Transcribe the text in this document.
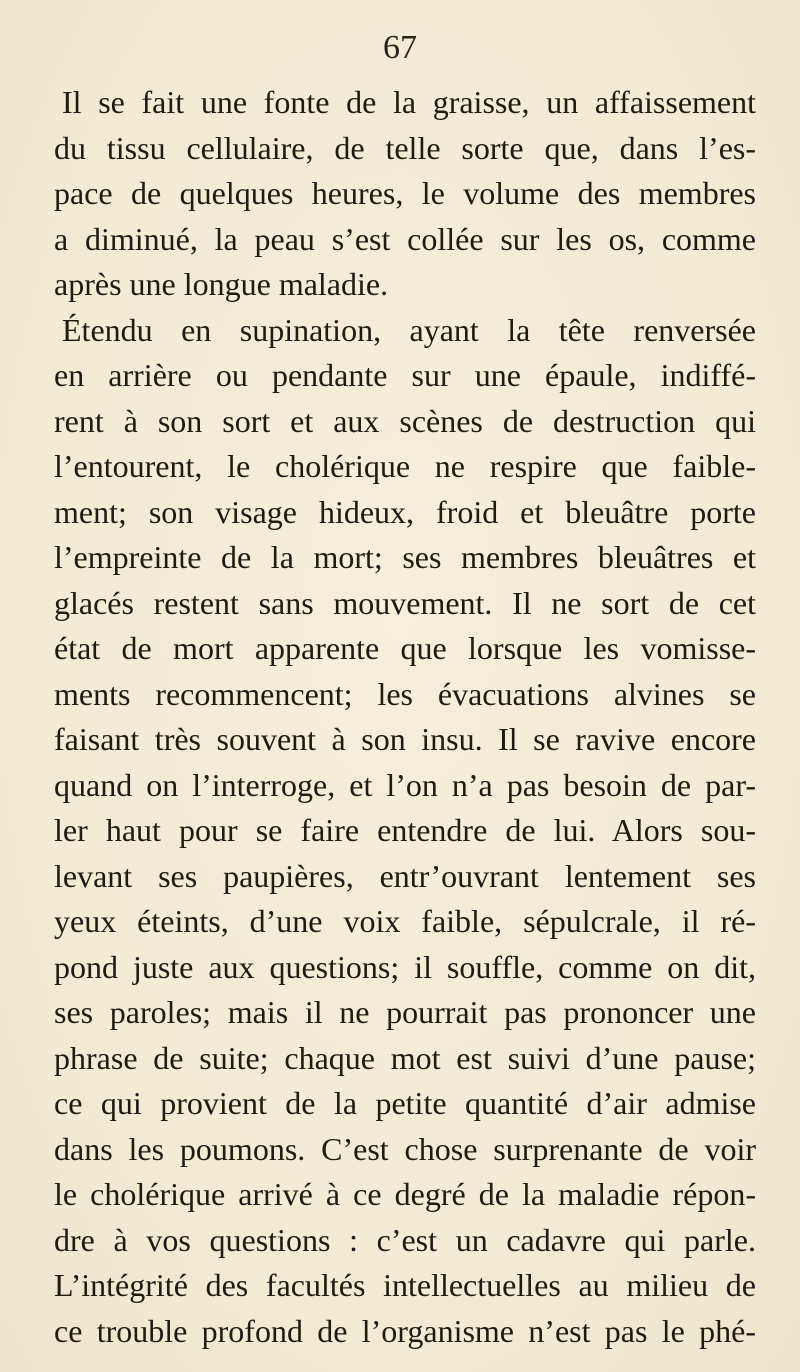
67
Il se fait une fonte de la graisse, un affaissement
du tissu cellulaire, de telle sorte que, dans l’es-
pace de quelques heures, le volume des membres
a diminué, la peau s’est collée sur les os, comme
après une longue maladie.
Étendu en supination, ayant la tête renversée
en arrière ou pendante sur une épaule, indiffé-
rent à son sort et aux scènes de destruction qui
l’entourent, le cholérique ne respire que faible-
ment; son visage hideux, froid et bleuâtre porte
l’empreinte de la mort; ses membres bleuâtres et
glacés restent sans mouvement. Il ne sort de cet
état de mort apparente que lorsque les vomisse-
ments recommencent; les évacuations alvines se
faisant très souvent à son insu. Il se ravive encore
quand on l’interroge, et l’on n’a pas besoin de par-
ler haut pour se faire entendre de lui. Alors sou-
levant ses paupières, entr’ouvrant lentement ses
yeux éteints, d’une voix faible, sépulcrale, il ré-
pond juste aux questions; il souffle, comme on dit,
ses paroles; mais il ne pourrait pas prononcer une
phrase de suite; chaque mot est suivi d’une pause;
ce qui provient de la petite quantité d’air admise
dans les poumons. C’est chose surprenante de voir
le cholérique arrivé à ce degré de la maladie répon-
dre à vos questions : c’est un cadavre qui parle.
L’intégrité des facultés intellectuelles au milieu de
ce trouble profond de l’organisme n’est pas le phé-
